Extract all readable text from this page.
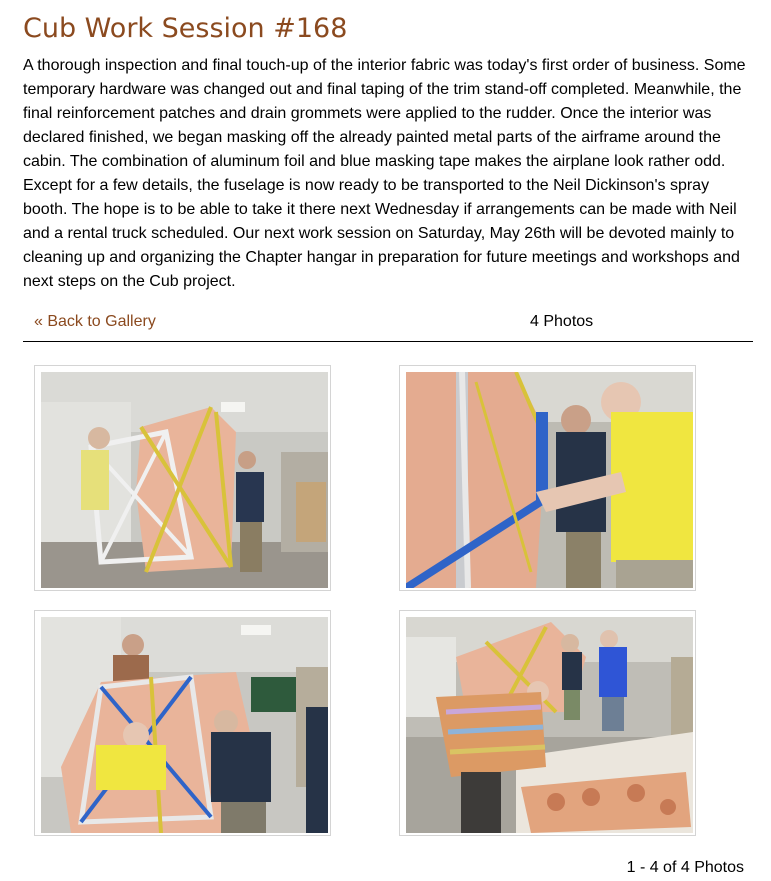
Cub Work Session #168

A thorough inspection and final touch-up of the interior fabric was today's first order of business. Some temporary hardware was changed out and final taping of the trim stand-off completed. Meanwhile, the final reinforcement patches and drain grommets were applied to the rudder. Once the interior was declared finished, we began masking off the already painted metal parts of the airframe around the cabin. The combination of aluminum foil and blue masking tape makes the airplane look rather odd. Except for a few details, the fuselage is now ready to be transported to the Neil Dickinson's spray booth. The hope is to be able to take it there next Wednesday if arrangements can be made with Neil and a rental truck scheduled. Our next work session on Saturday, May 26th will be devoted mainly to cleaning up and organizing the Chapter hangar in preparation for future meetings and workshops and next steps on the Cub project.

« Back to Gallery	4 Photos
1 - 4 of 4 Photos
